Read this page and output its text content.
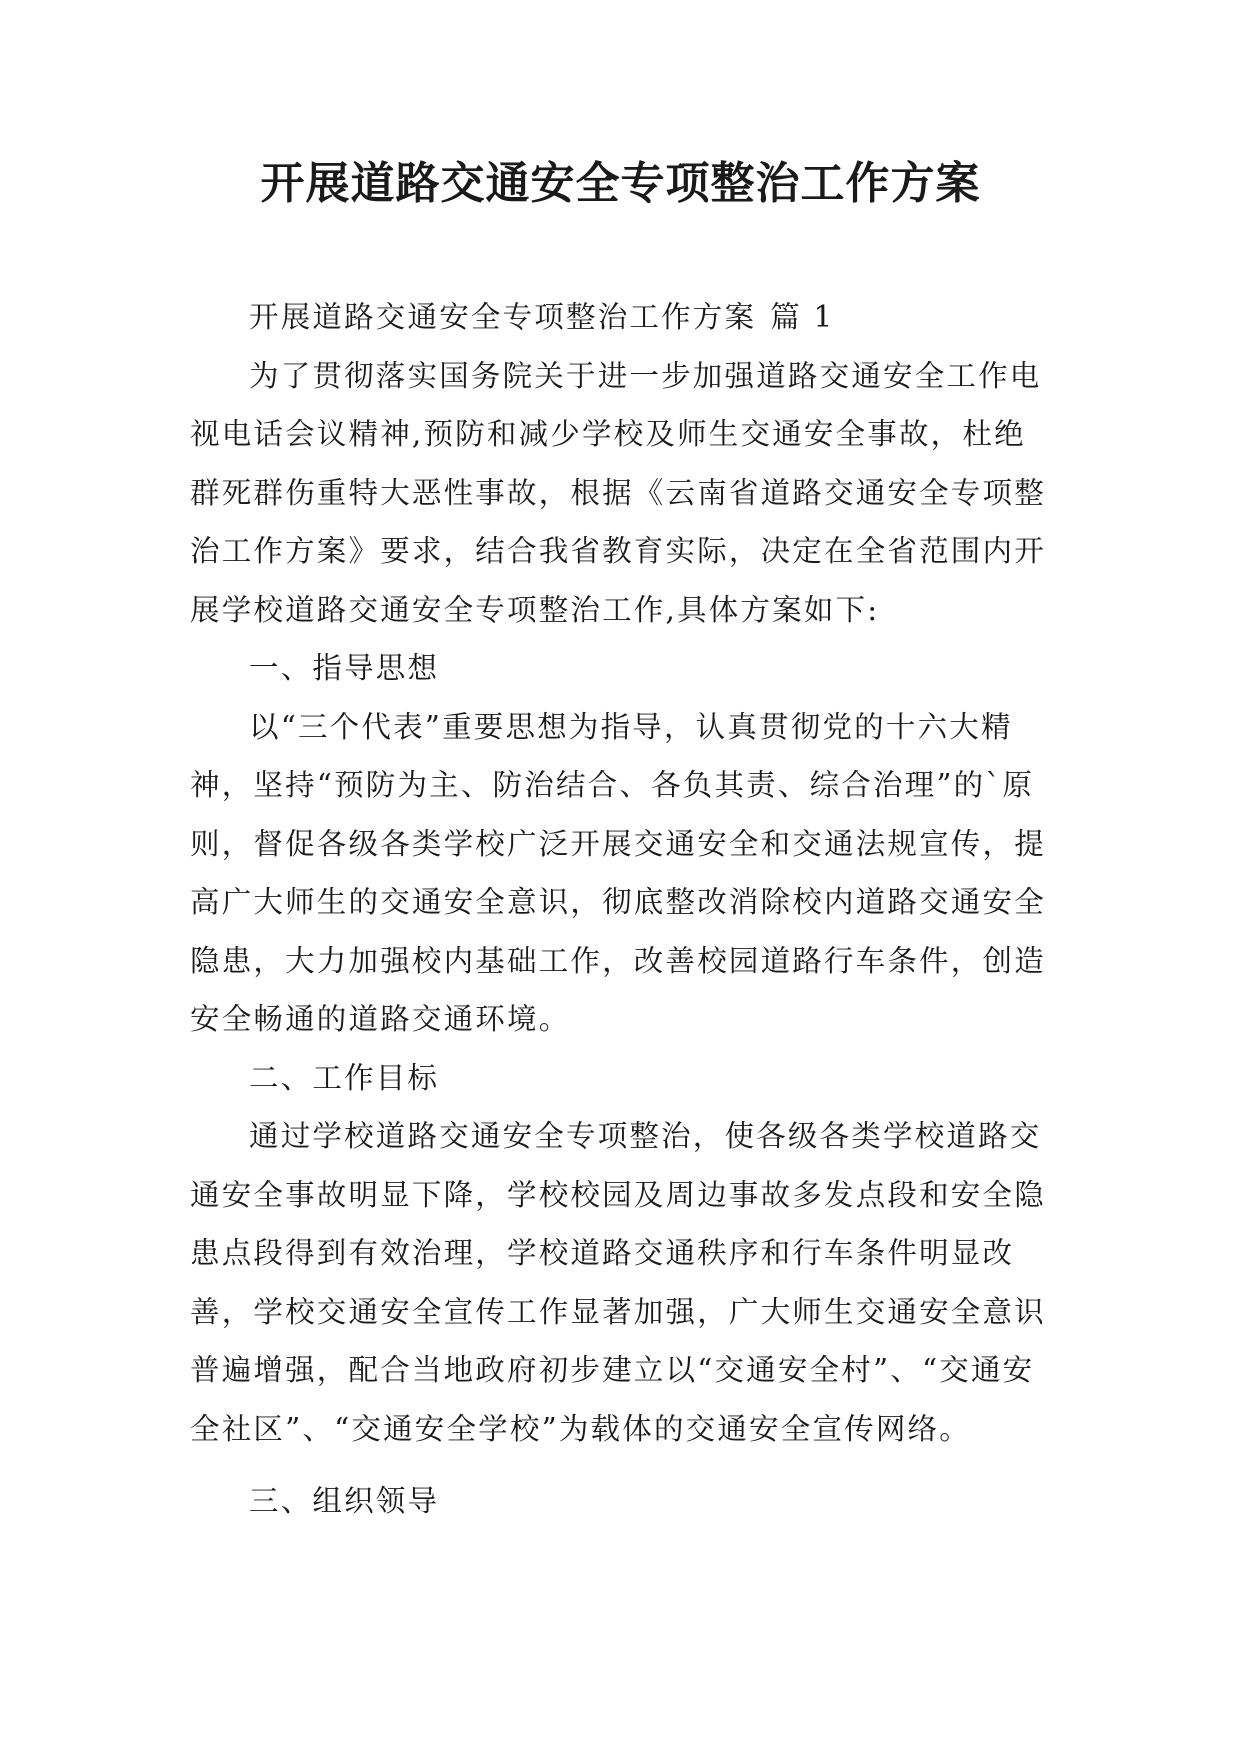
开展道路交通安全专项整治工作方案

开展道路交通安全专项整治工作方案 篇 1

为了贯彻落实国务院关于进一步加强道路交通安全工作电视电话会议精神,预防和减少学校及师生交通安全事故，杜绝群死群伤重特大恶性事故，根据《云南省道路交通安全专项整治工作方案》要求，结合我省教育实际，决定在全省范围内开展学校道路交通安全专项整治工作,具体方案如下:

一、指导思想

以“三个代表”重要思想为指导，认真贯彻党的十六大精神，坚持“预防为主、防治结合、各负其责、综合治理”的`原则，督促各级各类学校广泛开展交通安全和交通法规宣传，提高广大师生的交通安全意识，彻底整改消除校内道路交通安全隐患，大力加强校内基础工作，改善校园道路行车条件，创造安全畅通的道路交通环境。

二、工作目标

通过学校道路交通安全专项整治，使各级各类学校道路交通安全事故明显下降，学校校园及周边事故多发点段和安全隐患点段得到有效治理，学校道路交通秩序和行车条件明显改善，学校交通安全宣传工作显著加强，广大师生交通安全意识普遍增强，配合当地政府初步建立以“交通安全村”、“交通安全社区”、“交通安全学校”为载体的交通安全宣传网络。

三、组织领导
